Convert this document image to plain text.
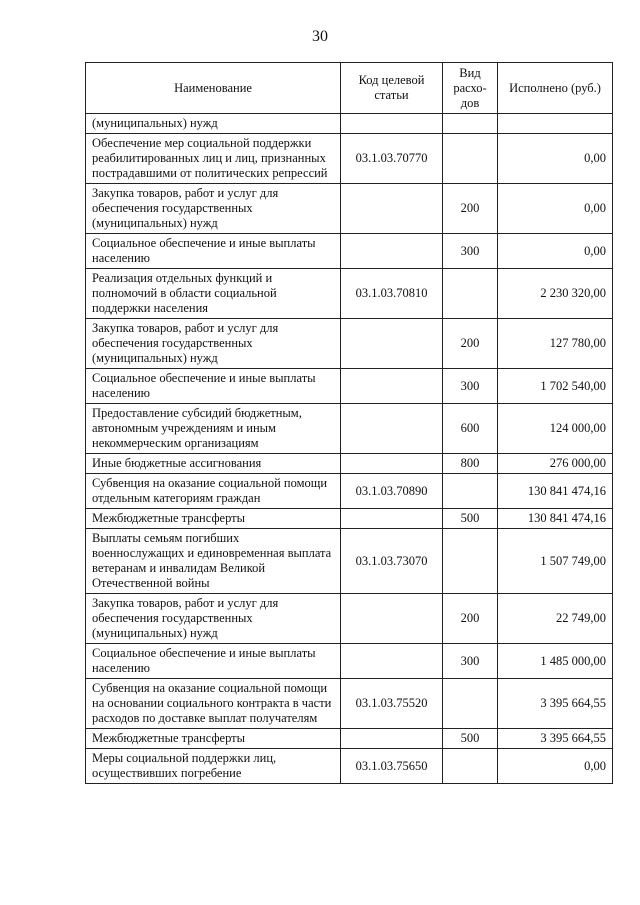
30
Наименование	Код целевой статьи	Вид расхо-дов	Исполнено (руб.)
(муниципальных) нужд			
Обеспечение мер социальной поддержки реабилитированных лиц и лиц, признанных пострадавшими от политических репрессий	03.1.03.70770		0,00
Закупка товаров, работ и услуг для обеспечения государственных (муниципальных) нужд		200	0,00
Социальное обеспечение и иные выплаты населению		300	0,00
Реализация отдельных функций и полномочий в области социальной поддержки населения	03.1.03.70810		2 230 320,00
Закупка товаров, работ и услуг для обеспечения государственных (муниципальных) нужд		200	127 780,00
Социальное обеспечение и иные выплаты населению		300	1 702 540,00
Предоставление субсидий бюджетным, автономным учреждениям и иным некоммерческим организациям		600	124 000,00
Иные бюджетные ассигнования		800	276 000,00
Субвенция на оказание социальной помощи отдельным категориям граждан	03.1.03.70890		130 841 474,16
Межбюджетные трансферты		500	130 841 474,16
Выплаты семьям погибших военнослужащих и единовременная выплата ветеранам и инвалидам Великой Отечественной войны	03.1.03.73070		1 507 749,00
Закупка товаров, работ и услуг для обеспечения государственных (муниципальных) нужд		200	22 749,00
Социальное обеспечение и иные выплаты населению		300	1 485 000,00
Субвенция на оказание социальной помощи на основании социального контракта в части расходов по доставке выплат получателям	03.1.03.75520		3 395 664,55
Межбюджетные трансферты		500	3 395 664,55
Меры социальной поддержки лиц, осуществивших погребение	03.1.03.75650		0,00
